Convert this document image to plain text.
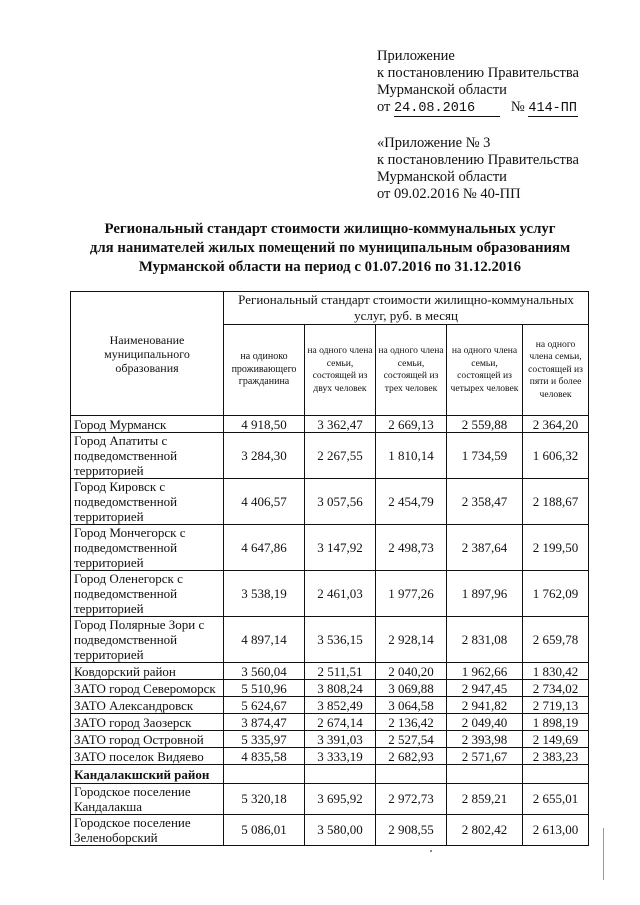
Приложение
к постановлению Правительства
Мурманской области
от 24.08.2016 № 414-ПП
«Приложение № 3
к постановлению Правительства
Мурманской области
от 09.02.2016 № 40-ПП
Региональный стандарт стоимости жилищно-коммунальных услуг
для нанимателей жилых помещений по муниципальным образованиям
Мурманской области на период с 01.07.2016 по 31.12.2016
Наименование муниципального образования	Региональный стандарт стоимости жилищно-коммунальных услуг, руб. в месяц				
	на одиноко проживающего гражданина	на одного члена семьи, состоящей из двух человек	на одного члена семьи, состоящей из трех человек	на одного члена семьи, состоящей из четырех человек	на одного члена семьи, состоящей из пяти и более человек
Город Мурманск	4 918,50	3 362,47	2 669,13	2 559,88	2 364,20
Город Апатиты с подведомственной территорией	3 284,30	2 267,55	1 810,14	1 734,59	1 606,32
Город Кировск с подведомственной территорией	4 406,57	3 057,56	2 454,79	2 358,47	2 188,67
Город Мончегорск с подведомственной территорией	4 647,86	3 147,92	2 498,73	2 387,64	2 199,50
Город Оленегорск с подведомственной территорией	3 538,19	2 461,03	1 977,26	1 897,96	1 762,09
Город Полярные Зори с подведомственной территорией	4 897,14	3 536,15	2 928,14	2 831,08	2 659,78
Ковдорский район	3 560,04	2 511,51	2 040,20	1 962,66	1 830,42
ЗАТО город Североморск	5 510,96	3 808,24	3 069,88	2 947,45	2 734,02
ЗАТО Александровск	5 624,67	3 852,49	3 064,58	2 941,82	2 719,13
ЗАТО город Заозерск	3 874,47	2 674,14	2 136,42	2 049,40	1 898,19
ЗАТО город Островной	5 335,97	3 391,03	2 527,54	2 393,98	2 149,69
ЗАТО поселок Видяево	4 835,58	3 333,19	2 682,93	2 571,67	2 383,23
Кандалакшский район					
Городское поселение Кандалакша	5 320,18	3 695,92	2 972,73	2 859,21	2 655,01
Городское поселение Зеленоборский	5 086,01	3 580,00	2 908,55	2 802,42	2 613,00
